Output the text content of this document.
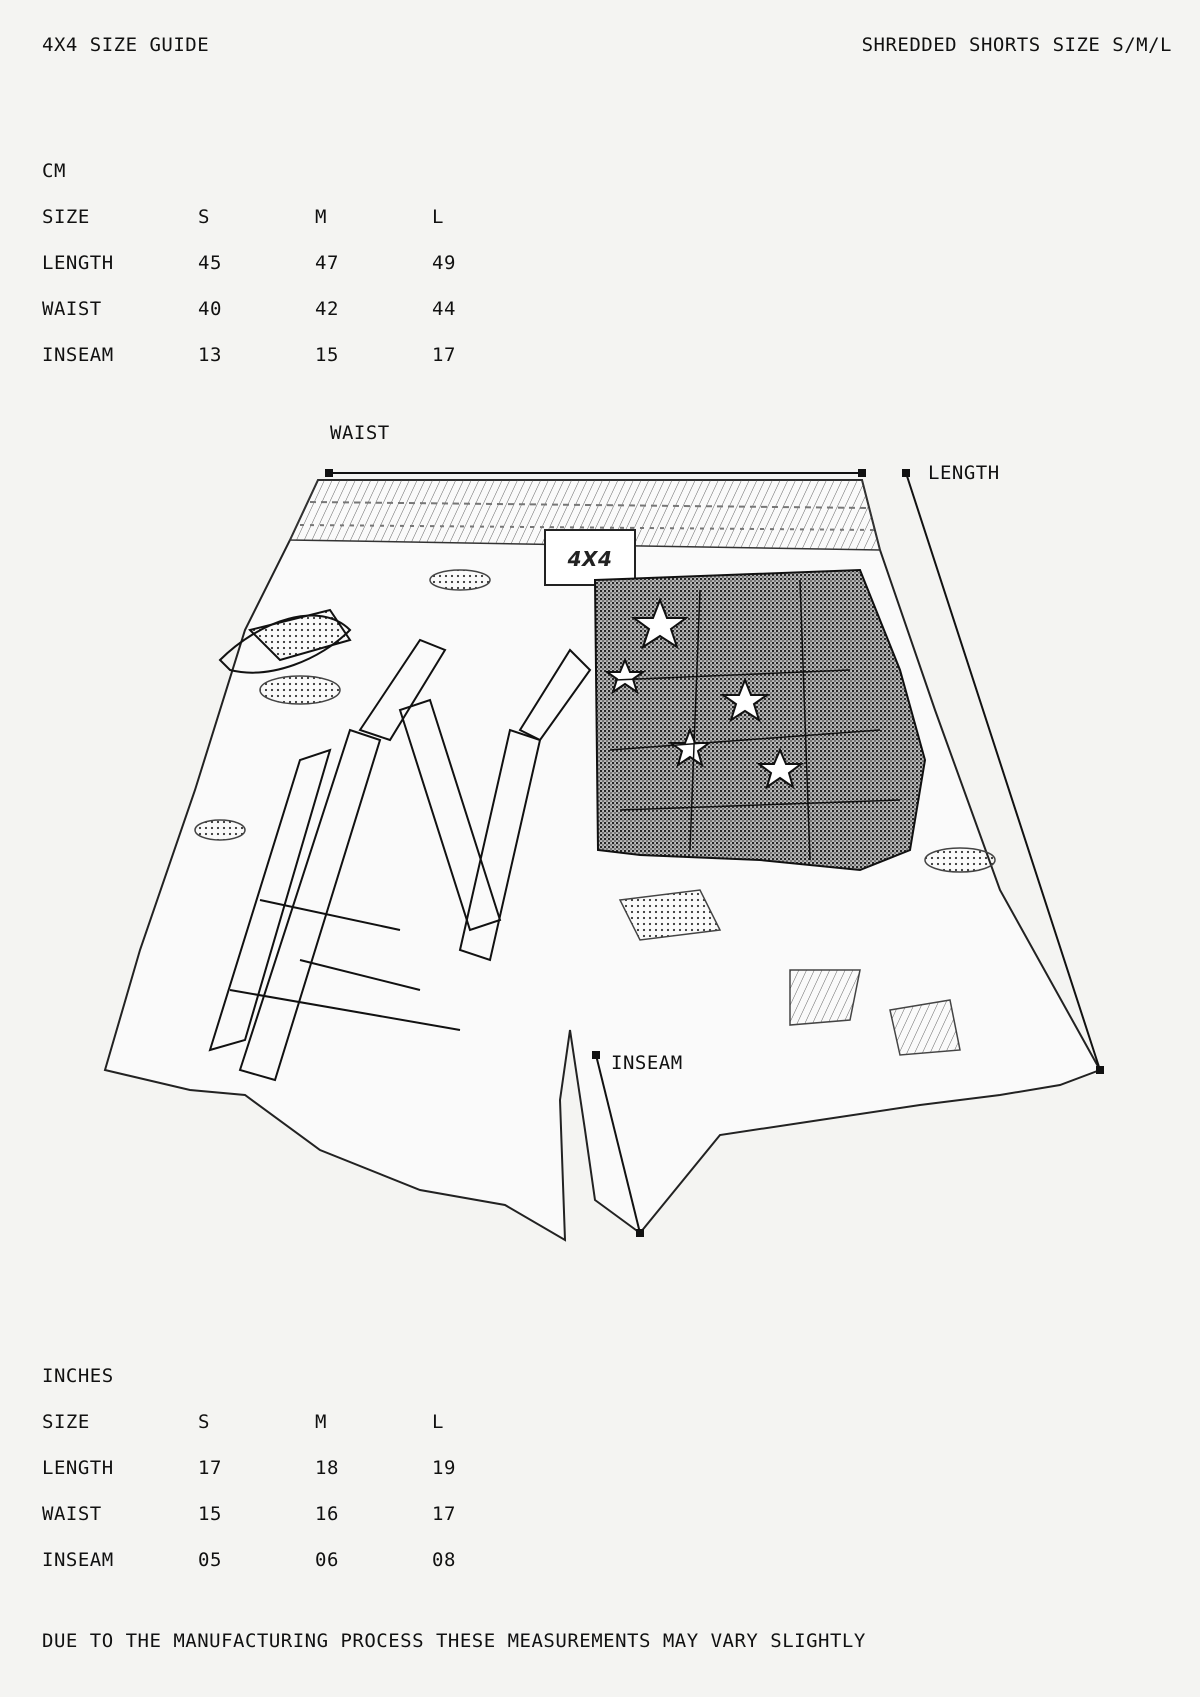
4X4 SIZE GUIDE	SHREDDED SHORTS SIZE S/M/L
CM
SIZE	S	M	L
LENGTH	45	47	49
WAIST	40	42	44
INSEAM	13	15	17
4X4
WAIST
LENGTH
INSEAM
INCHES
SIZE	S	M	L
LENGTH	17	18	19
WAIST	15	16	17
INSEAM	05	06	08
DUE TO THE MANUFACTURING PROCESS THESE MEASUREMENTS MAY VARY SLIGHTLY
